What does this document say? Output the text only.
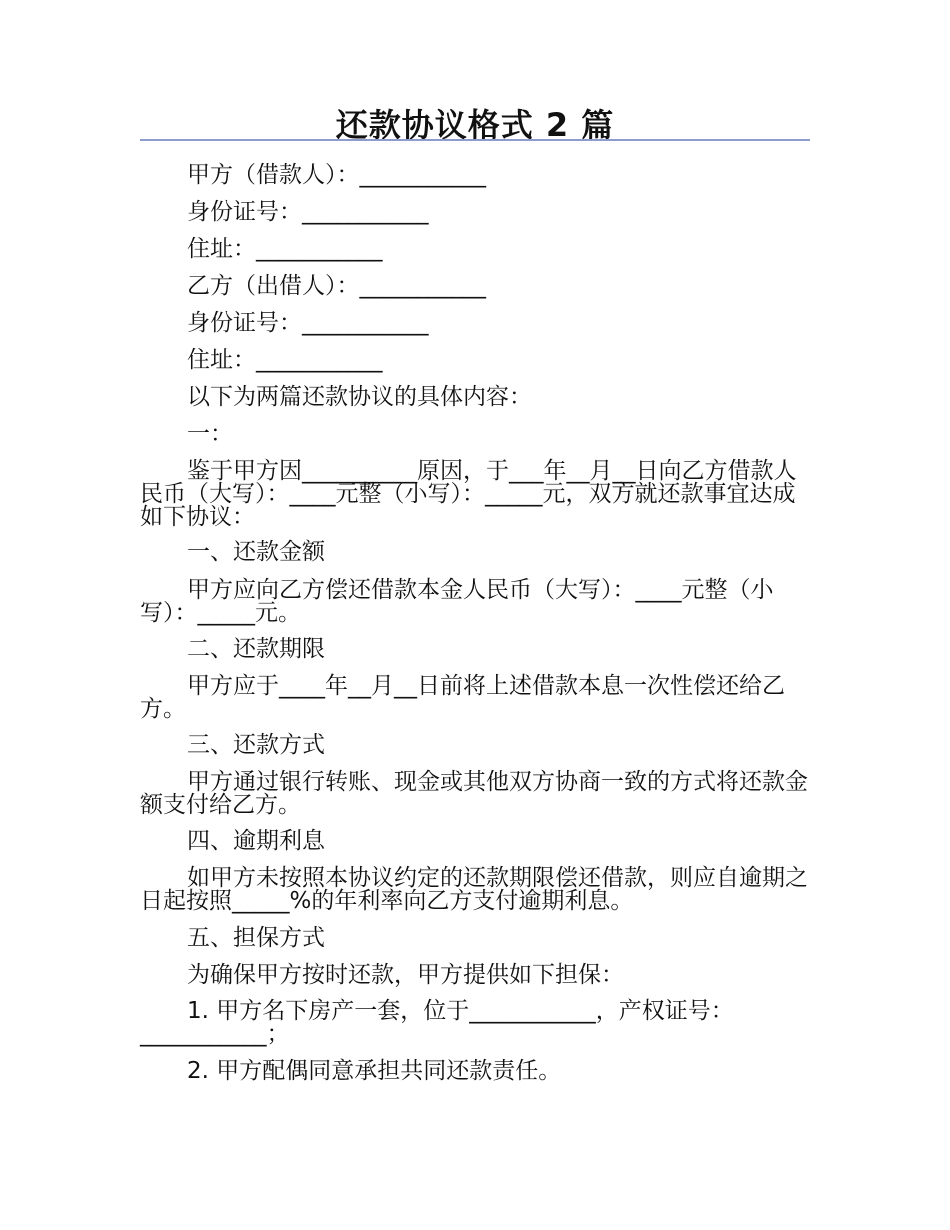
还款协议格式 2 篇

甲方（借款人）：___________

身份证号：___________

住址：___________

乙方（出借人）：___________

身份证号：___________

住址：___________

以下为两篇还款协议的具体内容：

一：

鉴于甲方因__________原因，于___年__月__日向乙方借款人民币（大写）：____元整（小写）：_____元，双方就还款事宜达成如下协议：

一、还款金额

甲方应向乙方偿还借款本金人民币（大写）：____元整（小写）：_____元。

二、还款期限

甲方应于____年__月__日前将上述借款本息一次性偿还给乙方。

三、还款方式

甲方通过银行转账、现金或其他双方协商一致的方式将还款金额支付给乙方。

四、逾期利息

如甲方未按照本协议约定的还款期限偿还借款，则应自逾期之日起按照_____%的年利率向乙方支付逾期利息。

五、担保方式

为确保甲方按时还款，甲方提供如下担保：

1. 甲方名下房产一套，位于___________，产权证号：___________；

2. 甲方配偶同意承担共同还款责任。
